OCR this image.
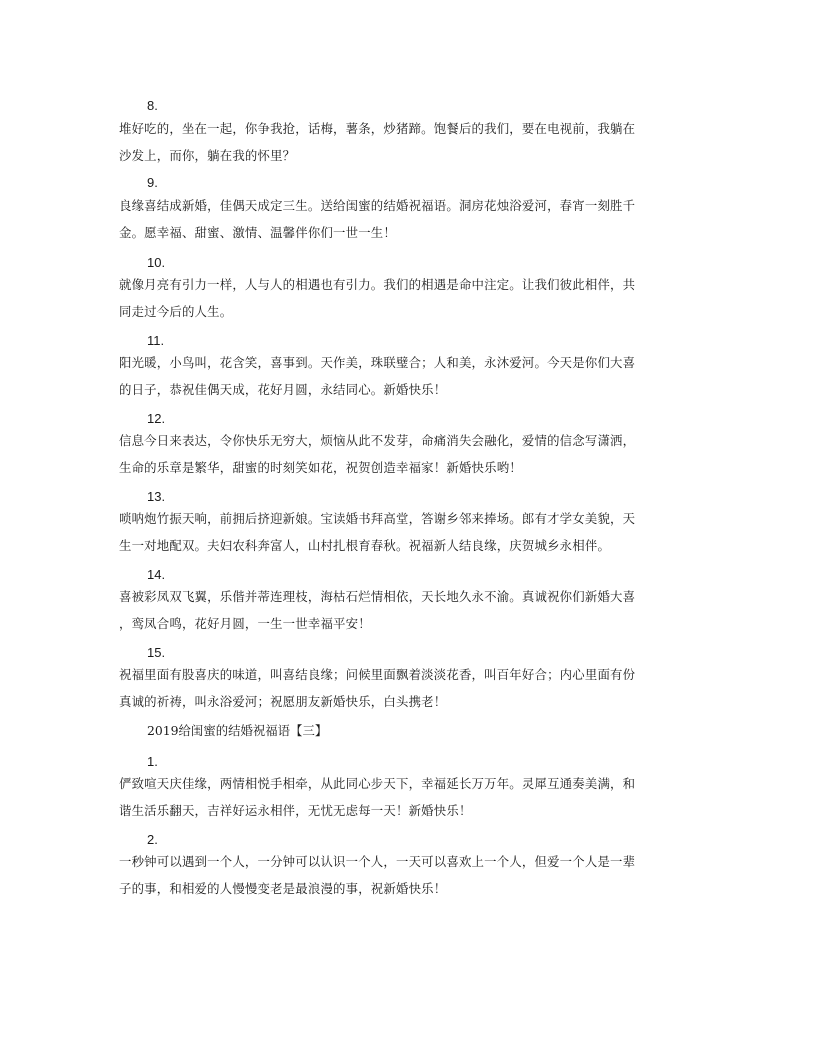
8.
堆好吃的，坐在一起，你争我抢，话梅，薯条，炒猪蹄。饱餐后的我们，要在电视前，我躺在
沙发上，而你，躺在我的怀里？
9.
良缘喜结成新婚，佳偶天成定三生。送给闺蜜的结婚祝福语。洞房花烛浴爱河，春宵一刻胜千
金。愿幸福、甜蜜、激情、温馨伴你们一世一生！
10.
就像月亮有引力一样，人与人的相遇也有引力。我们的相遇是命中注定。让我们彼此相伴，共
同走过今后的人生。
11.
阳光暖，小鸟叫，花含笑，喜事到。天作美，珠联璧合；人和美，永沐爱河。今天是你们大喜
的日子，恭祝佳偶天成，花好月圆，永结同心。新婚快乐！
12.
信息今日来表达，令你快乐无穷大，烦恼从此不发芽，命痛消失会融化，爱情的信念写潇洒，
生命的乐章是繁华，甜蜜的时刻笑如花，祝贺创造幸福家！新婚快乐哟！
13.
唢呐炮竹振天响，前拥后挤迎新娘。宝读婚书拜高堂，答谢乡邻来捧场。郎有才学女美貌，天
生一对地配双。夫妇农科奔富人，山村扎根育春秋。祝福新人结良缘，庆贺城乡永相伴。
14.
喜被彩凤双飞翼，乐偕并蒂连理枝，海枯石烂情相依，天长地久永不渝。真诚祝你们新婚大喜
，鸾凤合鸣，花好月圆，一生一世幸福平安！
15.
祝福里面有股喜庆的味道，叫喜结良缘；问候里面飘着淡淡花香，叫百年好合；内心里面有份
真诚的祈祷，叫永浴爱河；祝愿朋友新婚快乐，白头携老！
2019给闺蜜的结婚祝福语【三】
1.
俨致喧天庆佳缘，两情相悦手相牵，从此同心步天下，幸福延长万万年。灵犀互通奏美满，和
谐生活乐翻天，吉祥好运永相伴，无忧无虑每一天！新婚快乐！
2.
一秒钟可以遇到一个人，一分钟可以认识一个人，一天可以喜欢上一个人，但爱一个人是一辈
子的事，和相爱的人慢慢变老是最浪漫的事，祝新婚快乐！
